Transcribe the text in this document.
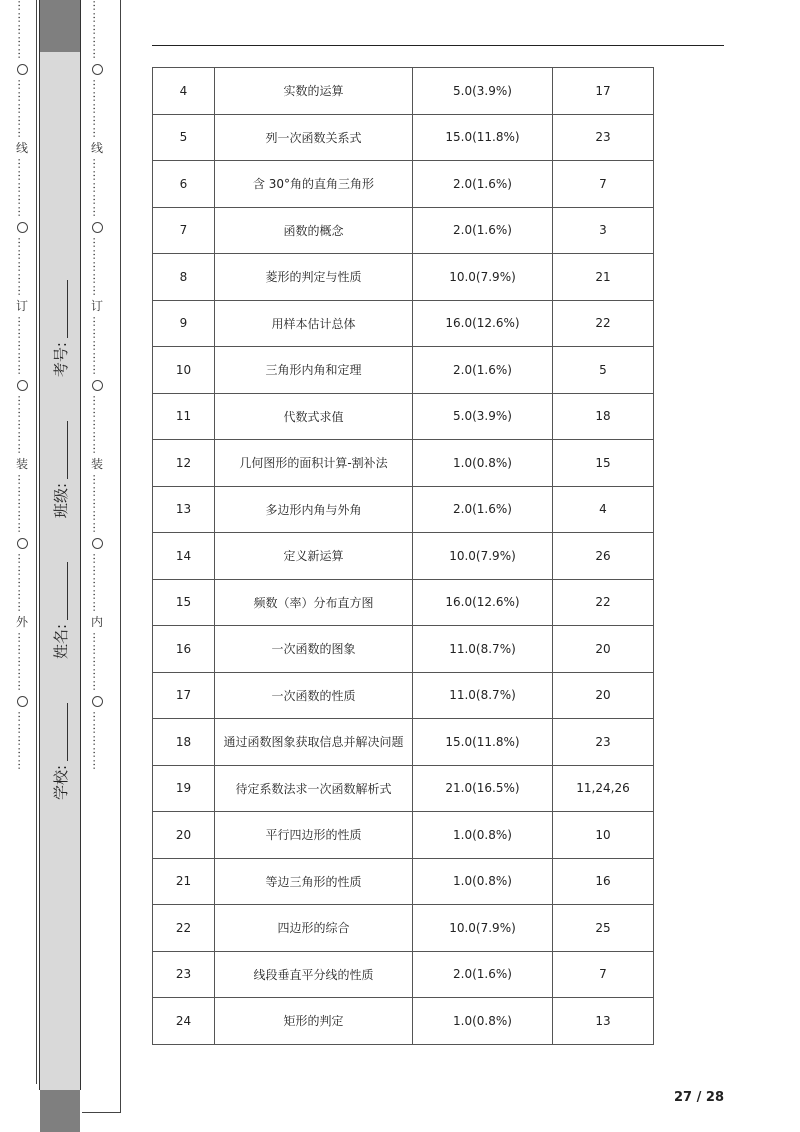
…
…
…
…
…
…
…
…
…
…
线
…
…
…
…
…
…
…
…
…
…
订
…
…
…
…
…
…
…
…
…
…
装
…
…
…
…
…
…
…
…
…
…
外
…
…
…
…
…
…
…
…
…
… 学校:
姓名:
班级:
考号:
…
…
…
…
…
…
…
…
…
…
线
…
…
…
…
…
…
…
…
…
…
订
…
…
…
…
…
…
…
…
…
…
装
…
…
…
…
…
…
…
…
…
…
内
…
…
…
…
…
…
…
…
…
…
4	实数的运算	5.0(3.9%)	17
5	列一次函数关系式	15.0(11.8%)	23
6	含 30°角的直角三角形	2.0(1.6%)	7
7	函数的概念	2.0(1.6%)	3
8	菱形的判定与性质	10.0(7.9%)	21
9	用样本估计总体	16.0(12.6%)	22
10	三角形内角和定理	2.0(1.6%)	5
11	代数式求值	5.0(3.9%)	18
12	几何图形的面积计算-割补法	1.0(0.8%)	15
13	多边形内角与外角	2.0(1.6%)	4
14	定义新运算	10.0(7.9%)	26
15	频数（率）分布直方图	16.0(12.6%)	22
16	一次函数的图象	11.0(8.7%)	20
17	一次函数的性质	11.0(8.7%)	20
18	通过函数图象获取信息并解决问题	15.0(11.8%)	23
19	待定系数法求一次函数解析式	21.0(16.5%)	11,24,26
20	平行四边形的性质	1.0(0.8%)	10
21	等边三角形的性质	1.0(0.8%)	16
22	四边形的综合	10.0(7.9%)	25
23	线段垂直平分线的性质	2.0(1.6%)	7
24	矩形的判定	1.0(0.8%)	13
27 / 28
